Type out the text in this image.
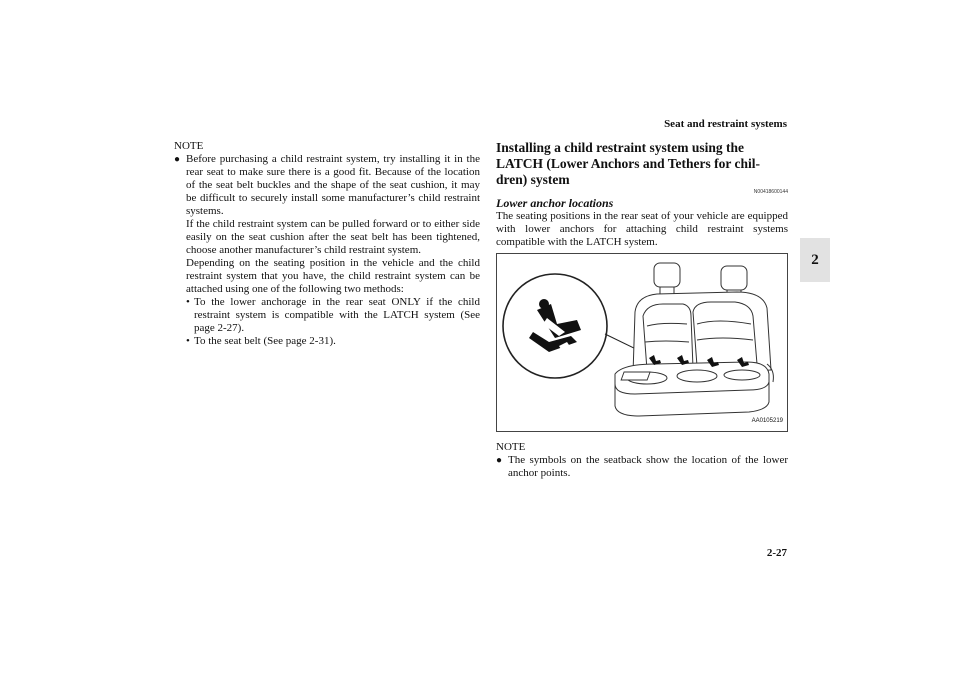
Seat and restraint systems
2
NOTE
● Before purchasing a child restraint system, try installing it in the rear seat to make sure there is a good fit. Because of the location of the seat belt buckles and the shape of the seat cushion, it may be difficult to securely install some manufacturer’s child restraint systems.
If the child restraint system can be pulled forward or to either side easily on the seat cushion after the seat belt has been tightened, choose another manufacturer’s child restraint system.
Depending on the seating position in the vehicle and the child restraint system that you have, the child restraint system can be attached using one of the following two methods:
• To the lower anchorage in the rear seat ONLY if the child restraint system is compatible with the LATCH system (See page 2-27).
• To the seat belt (See page 2-31).
Installing a child restraint system using the
LATCH (Lower Anchors and Tethers for chil-
dren) system
N00418600144
Lower anchor locations
The seating positions in the rear seat of your vehicle are equipped with lower anchors for attaching child restraint systems compatible with the LATCH system.
AA0105219
NOTE
● The symbols on the seatback show the location of the lower anchor points.
2-27
